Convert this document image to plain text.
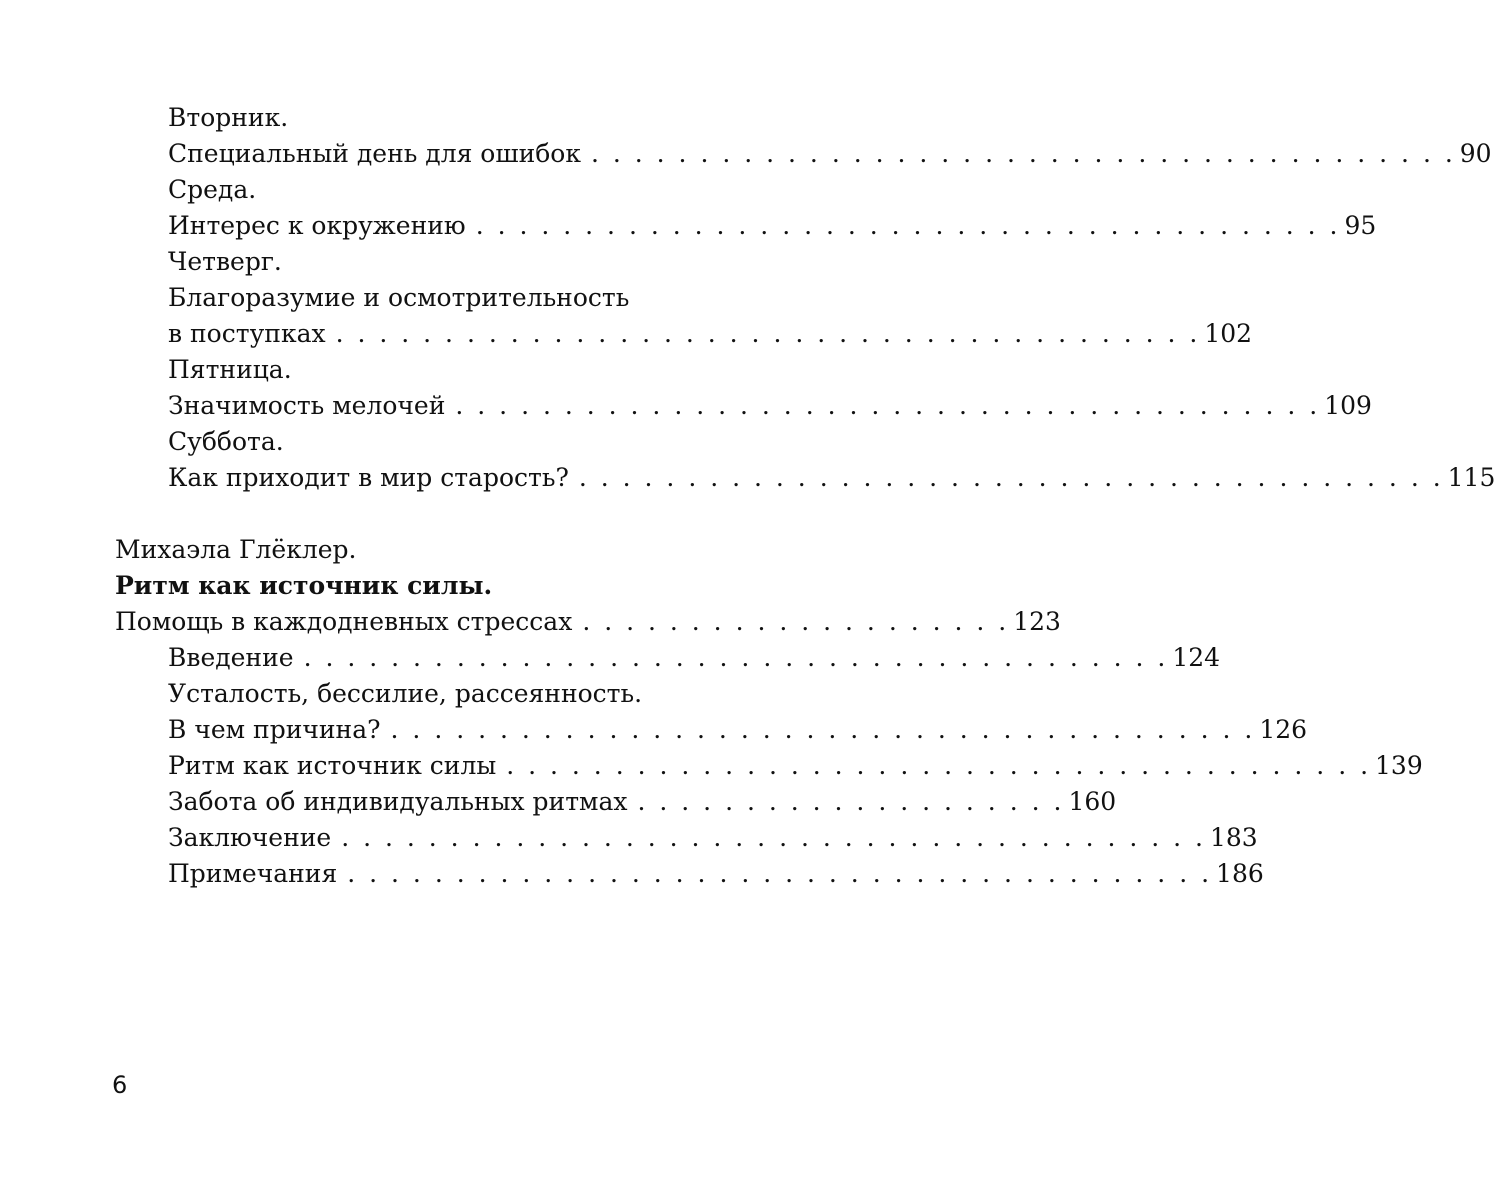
Вторник.
Специальный день для ошибок . . . . . . . . . . . . . . . . . . . . . . . . . . . . . . . . . . . . . . . . 90
Среда.
Интерес к окружению . . . . . . . . . . . . . . . . . . . . . . . . . . . . . . . . . . . . . . . . 95
Четверг.
Благоразумие и осмотрительность
в поступках . . . . . . . . . . . . . . . . . . . . . . . . . . . . . . . . . . . . . . . . 102
Пятница.
Значимость мелочей . . . . . . . . . . . . . . . . . . . . . . . . . . . . . . . . . . . . . . . . 109
Суббота.
Как приходит в мир старость? . . . . . . . . . . . . . . . . . . . . . . . . . . . . . . . . . . . . . . . . 115
Михаэла Глёклер.
Ритм как источник силы.
Помощь в каждодневных стрессах . . . . . . . . . . . . . . . . . . . . 123
Введение . . . . . . . . . . . . . . . . . . . . . . . . . . . . . . . . . . . . . . . . 124
Усталость, бессилие, рассеянность.
В чем причина? . . . . . . . . . . . . . . . . . . . . . . . . . . . . . . . . . . . . . . . . 126
Ритм как источник силы . . . . . . . . . . . . . . . . . . . . . . . . . . . . . . . . . . . . . . . . 139
Забота об индивидуальных ритмах . . . . . . . . . . . . . . . . . . . . 160
Заключение . . . . . . . . . . . . . . . . . . . . . . . . . . . . . . . . . . . . . . . . 183
Примечания . . . . . . . . . . . . . . . . . . . . . . . . . . . . . . . . . . . . . . . . 186
6
